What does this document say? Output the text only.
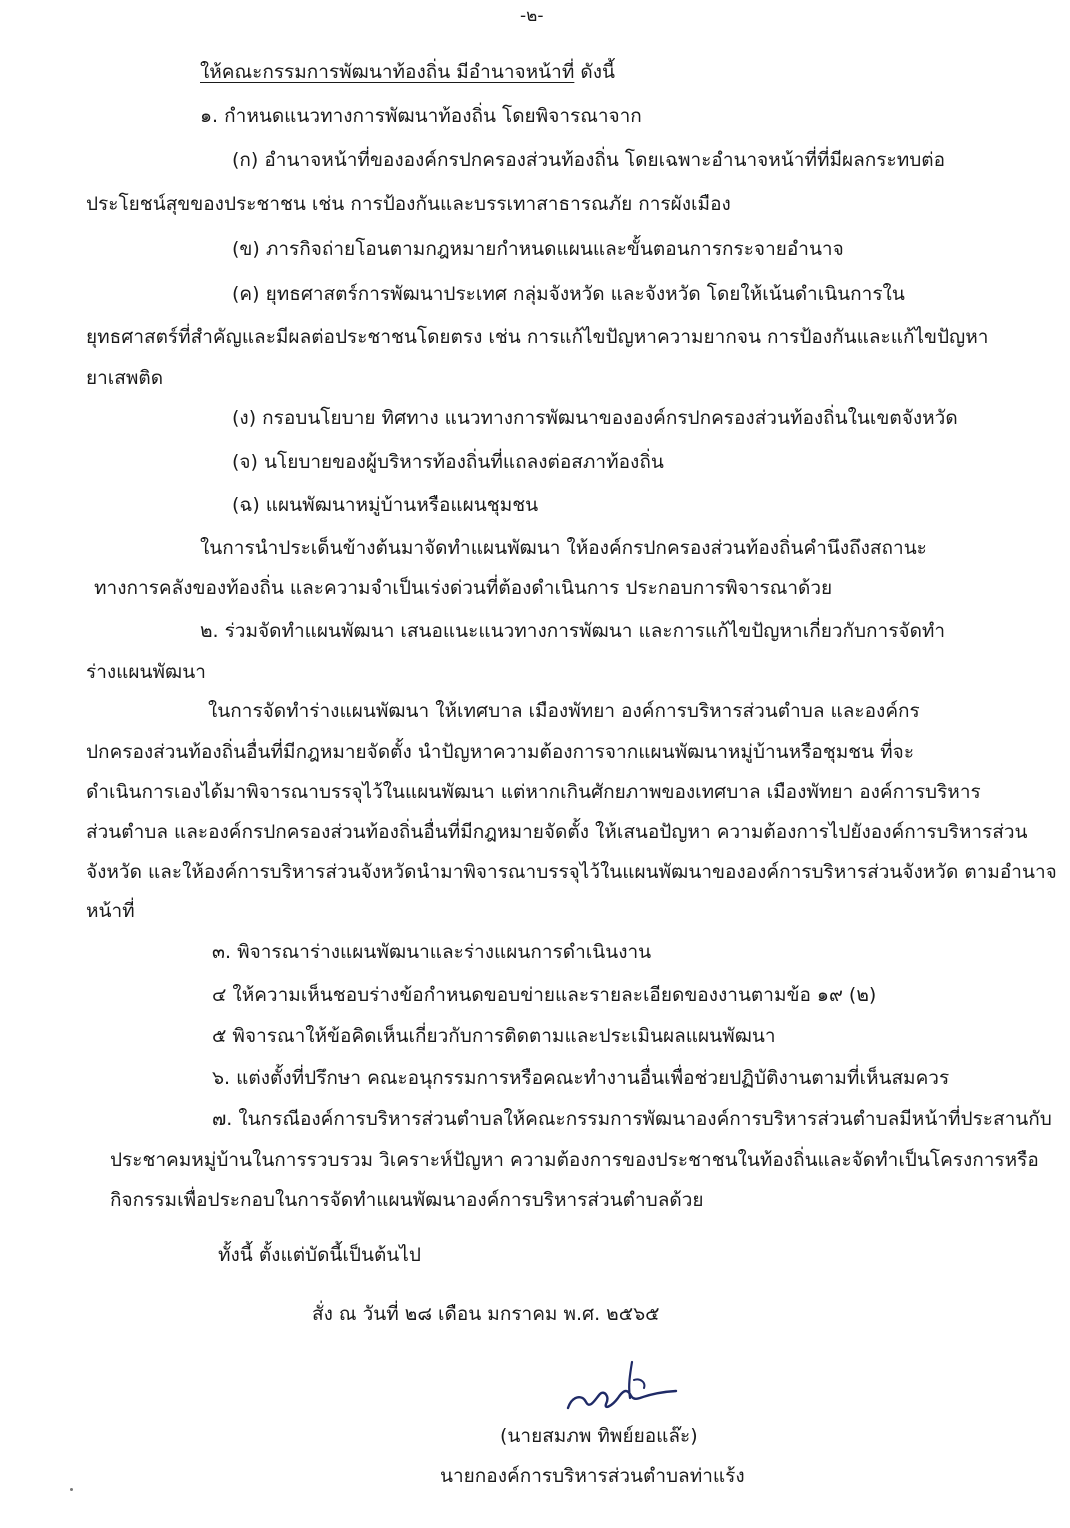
-๒-
ให้คณะกรรมการพัฒนาท้องถิ่น มีอำนาจหน้าที่ ดังนี้
๑. กำหนดแนวทางการพัฒนาท้องถิ่น โดยพิจารณาจาก
(ก) อำนาจหน้าที่ขององค์กรปกครองส่วนท้องถิ่น โดยเฉพาะอำนาจหน้าที่ที่มีผลกระทบต่อ
ประโยชน์สุขของประชาชน เช่น การป้องกันและบรรเทาสาธารณภัย การผังเมือง
(ข) ภารกิจถ่ายโอนตามกฎหมายกำหนดแผนและขั้นตอนการกระจายอำนาจ
(ค) ยุทธศาสตร์การพัฒนาประเทศ กลุ่มจังหวัด และจังหวัด โดยให้เน้นดำเนินการใน
ยุทธศาสตร์ที่สำคัญและมีผลต่อประชาชนโดยตรง เช่น การแก้ไขปัญหาความยากจน การป้องกันและแก้ไขปัญหา
ยาเสพติด
(ง) กรอบนโยบาย ทิศทาง แนวทางการพัฒนาขององค์กรปกครองส่วนท้องถิ่นในเขตจังหวัด
(จ) นโยบายของผู้บริหารท้องถิ่นที่แถลงต่อสภาท้องถิ่น
(ฉ) แผนพัฒนาหมู่บ้านหรือแผนชุมชน
ในการนำประเด็นข้างต้นมาจัดทำแผนพัฒนา ให้องค์กรปกครองส่วนท้องถิ่นคำนึงถึงสถานะ
ทางการคลังของท้องถิ่น และความจำเป็นเร่งด่วนที่ต้องดำเนินการ ประกอบการพิจารณาด้วย
๒. ร่วมจัดทำแผนพัฒนา เสนอแนะแนวทางการพัฒนา และการแก้ไขปัญหาเกี่ยวกับการจัดทำ
ร่างแผนพัฒนา
ในการจัดทำร่างแผนพัฒนา ให้เทศบาล เมืองพัทยา องค์การบริหารส่วนตำบล และองค์กร
ปกครองส่วนท้องถิ่นอื่นที่มีกฎหมายจัดตั้ง นำปัญหาความต้องการจากแผนพัฒนาหมู่บ้านหรือชุมชน ที่จะ
ดำเนินการเองได้มาพิจารณาบรรจุไว้ในแผนพัฒนา แต่หากเกินศักยภาพของเทศบาล เมืองพัทยา องค์การบริหาร
ส่วนตำบล และองค์กรปกครองส่วนท้องถิ่นอื่นที่มีกฎหมายจัดตั้ง ให้เสนอปัญหา ความต้องการไปยังองค์การบริหารส่วน
จังหวัด และให้องค์การบริหารส่วนจังหวัดนำมาพิจารณาบรรจุไว้ในแผนพัฒนาขององค์การบริหารส่วนจังหวัด ตามอำนาจ
หน้าที่
๓. พิจารณาร่างแผนพัฒนาและร่างแผนการดำเนินงาน
๔ ให้ความเห็นชอบร่างข้อกำหนดขอบข่ายและรายละเอียดของงานตามข้อ ๑๙ (๒)
๕ พิจารณาให้ข้อคิดเห็นเกี่ยวกับการติดตามและประเมินผลแผนพัฒนา
๖. แต่งตั้งที่ปรึกษา คณะอนุกรรมการหรือคณะทำงานอื่นเพื่อช่วยปฏิบัติงานตามที่เห็นสมควร
๗. ในกรณีองค์การบริหารส่วนตำบลให้คณะกรรมการพัฒนาองค์การบริหารส่วนตำบลมีหน้าที่ประสานกับ
ประชาคมหมู่บ้านในการรวบรวม วิเคราะห์ปัญหา ความต้องการของประชาชนในท้องถิ่นและจัดทำเป็นโครงการหรือ
กิจกรรมเพื่อประกอบในการจัดทำแผนพัฒนาองค์การบริหารส่วนตำบลด้วย
ทั้งนี้ ตั้งแต่บัดนี้เป็นต้นไป
สั่ง ณ วันที่ ๒๘ เดือน มกราคม พ.ศ. ๒๕๖๕
(นายสมภพ ทิพย์ยอแล๊ะ)
นายกองค์การบริหารส่วนตำบลท่าแร้ง
